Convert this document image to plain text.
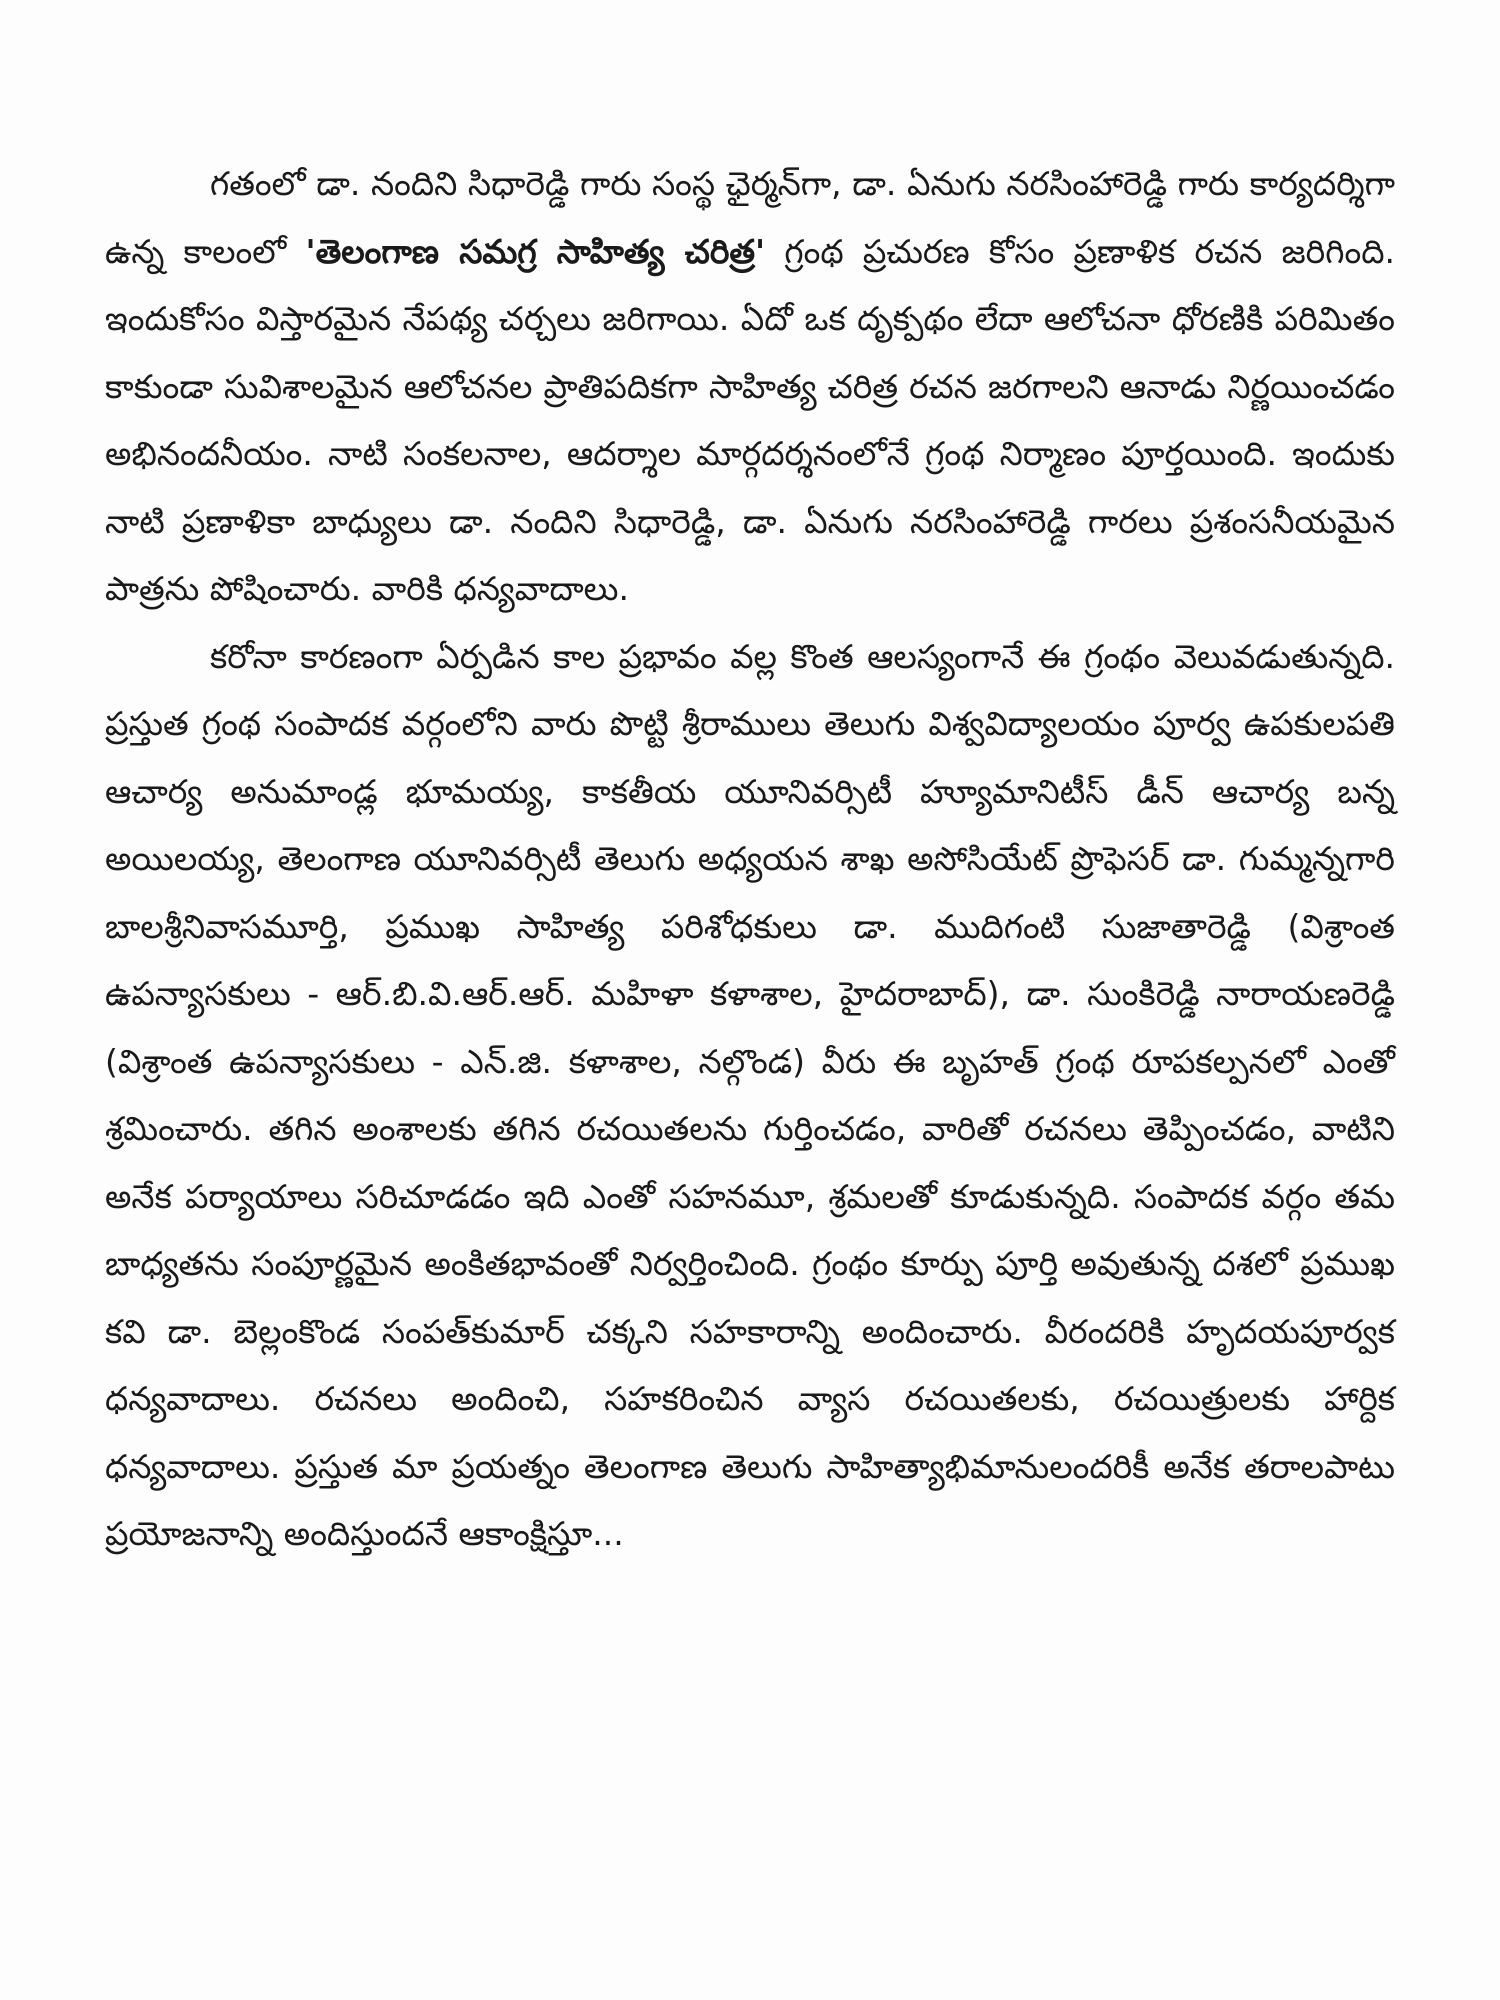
గతంలో డా. నందిని సిధారెడ్డి గారు సంస్థ ఛైర్మన్‌గా, డా. ఏనుగు నరసింహారెడ్డి గారు కార్యదర్శిగా ఉన్న కాలంలో 'తెలంగాణ సమగ్ర సాహిత్య చరిత్ర' గ్రంథ ప్రచురణ కోసం ప్రణాళిక రచన జరిగింది. ఇందుకోసం విస్తారమైన నేపథ్య చర్చలు జరిగాయి. ఏదో ఒక దృక్పథం లేదా ఆలోచనా ధోరణికి పరిమితం కాకుండా సువిశాలమైన ఆలోచనల ప్రాతిపదికగా సాహిత్య చరిత్ర రచన జరగాలని ఆనాడు నిర్ణయించడం అభినందనీయం. నాటి సంకలనాల, ఆదర్శాల మార్గదర్శనంలోనే గ్రంథ నిర్మాణం పూర్తయింది. ఇందుకు నాటి ప్రణాళికా బాధ్యులు డా. నందిని సిధారెడ్డి, డా. ఏనుగు నరసింహారెడ్డి గారలు ప్రశంసనీయమైన పాత్రను పోషించారు. వారికి ధన్యవాదాలు.

కరోనా కారణంగా ఏర్పడిన కాల ప్రభావం వల్ల కొంత ఆలస్యంగానే ఈ గ్రంథం వెలువడుతున్నది. ప్రస్తుత గ్రంథ సంపాదక వర్గంలోని వారు పొట్టి శ్రీరాములు తెలుగు విశ్వవిద్యాలయం పూర్వ ఉపకులపతి ఆచార్య అనుమాండ్ల భూమయ్య, కాకతీయ యూనివర్సిటీ హ్యూమానిటీస్ డీన్ ఆచార్య బన్న అయిలయ్య, తెలంగాణ యూనివర్సిటీ తెలుగు అధ్యయన శాఖ అసోసియేట్ ప్రొఫెసర్ డా. గుమ్మన్నగారి బాలశ్రీనివాసమూర్తి, ప్రముఖ సాహిత్య పరిశోధకులు డా. ముదిగంటి సుజాతారెడ్డి (విశ్రాంత ఉపన్యాసకులు - ఆర్.బి.వి.ఆర్.ఆర్. మహిళా కళాశాల, హైదరాబాద్), డా. సుంకిరెడ్డి నారాయణరెడ్డి (విశ్రాంత ఉపన్యాసకులు - ఎన్.జి. కళాశాల, నల్గొండ) వీరు ఈ బృహత్ గ్రంథ రూపకల్పనలో ఎంతో శ్రమించారు. తగిన అంశాలకు తగిన రచయితలను గుర్తించడం, వారితో రచనలు తెప్పించడం, వాటిని అనేక పర్యాయాలు సరిచూడడం ఇది ఎంతో సహనమూ, శ్రమలతో కూడుకున్నది. సంపాదక వర్గం తమ బాధ్యతను సంపూర్ణమైన అంకితభావంతో నిర్వర్తించింది. గ్రంథం కూర్పు పూర్తి అవుతున్న దశలో ప్రముఖ కవి డా. బెల్లంకొండ సంపత్‌కుమార్ చక్కని సహకారాన్ని అందించారు. వీరందరికి హృదయపూర్వక ధన్యవాదాలు. రచనలు అందించి, సహకరించిన వ్యాస రచయితలకు, రచయిత్రులకు హార్దిక ధన్యవాదాలు. ప్రస్తుత మా ప్రయత్నం తెలంగాణ తెలుగు సాహిత్యాభిమానులందరికీ అనేక తరాలపాటు ప్రయోజనాన్ని అందిస్తుందనే ఆకాంక్షిస్తూ...
